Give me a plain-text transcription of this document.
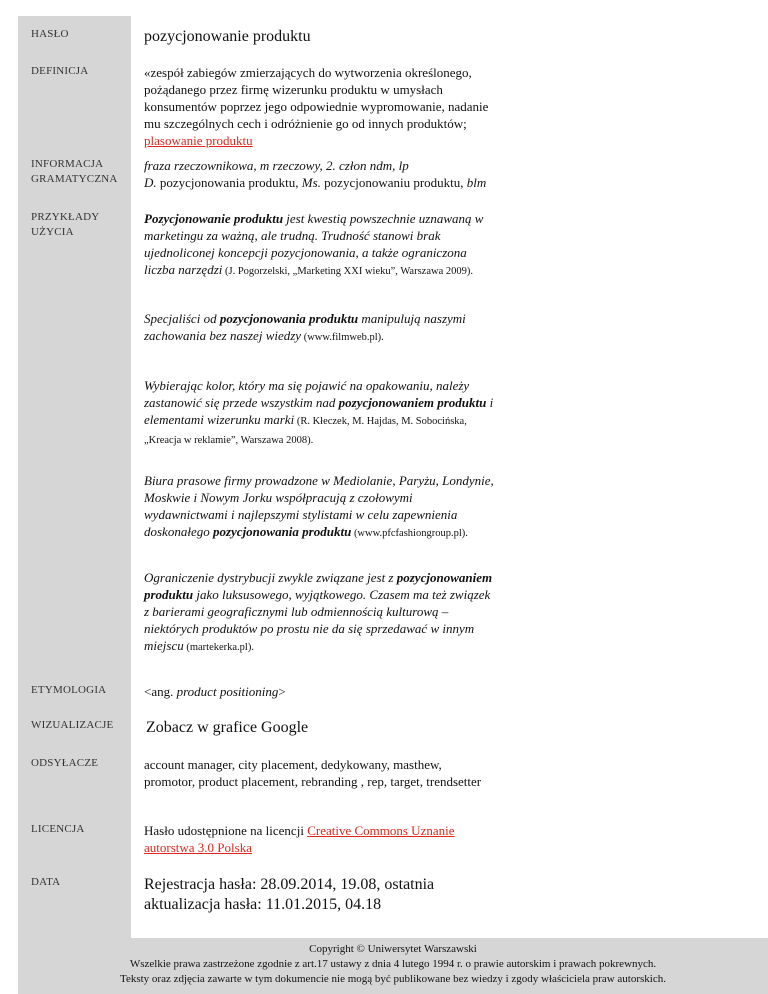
HASŁO
DEFINICJA
INFORMACJA
GRAMATYCZNA
PRZYKŁADY
UŻYCIA
ETYMOLOGIA
WIZUALIZACJE
ODSYŁACZE
LICENCJA
DATA
pozycjonowanie produktu
«zespół zabiegów zmierzających do wytworzenia określonego, pożądanego przez firmę wizerunku produktu w umysłach konsumentów poprzez jego odpowiednie wypromowanie, nadanie mu szczególnych cech i odróżnienie go od innych produktów; plasowanie produktu
fraza rzeczownikowa, m rzeczowy, 2. człon ndm, lp
D. pozycjonowania produktu, Ms. pozycjonowaniu produktu, blm
Pozycjonowanie produktu jest kwestią powszechnie uznawaną w marketingu za ważną, ale trudną. Trudność stanowi brak ujednoliconej koncepcji pozycjonowania, a także ograniczona liczba narzędzi (J. Pogorzelski, „Marketing XXI wieku”, Warszawa 2009).
Specjaliści od pozycjonowania produktu manipulują naszymi zachowania bez naszej wiedzy (www.filmweb.pl).
Wybierając kolor, który ma się pojawić na opakowaniu, należy zastanowić się przede wszystkim nad pozycjonowaniem produktu i elementami wizerunku marki (R. Kłeczek, M. Hajdas, M. Sobocińska, „Kreacja w reklamie”, Warszawa 2008).
Biura prasowe firmy prowadzone w Mediolanie, Paryżu, Londynie, Moskwie i Nowym Jorku współpracują z czołowymi wydawnictwami i najlepszymi stylistami w celu zapewnienia doskonałego pozycjonowania produktu (www.pfcfashiongroup.pl).
Ograniczenie dystrybucji zwykle związane jest z pozycjonowaniem produktu jako luksusowego, wyjątkowego. Czasem ma też związek z barierami geograficznymi lub odmiennością kulturową – niektórych produktów po prostu nie da się sprzedawać w innym miejscu (martekerka.pl).
<ang. product positioning>
Zobacz w grafice Google
account manager, city placement, dedykowany, masthew, promotor, product placement, rebranding , rep, target, trendsetter
Hasło udostępnione na licencji Creative Commons Uznanie autorstwa 3.0 Polska
Rejestracja hasła: 28.09.2014, 19.08, ostatnia aktualizacja hasła: 11.01.2015, 04.18
Copyright © Uniwersytet Warszawski
Wszelkie prawa zastrzeżone zgodnie z art.17 ustawy z dnia 4 lutego 1994 r. o prawie autorskim i prawach pokrewnych.
Teksty oraz zdjęcia zawarte w tym dokumencie nie mogą być publikowane bez wiedzy i zgody właściciela praw autorskich.
